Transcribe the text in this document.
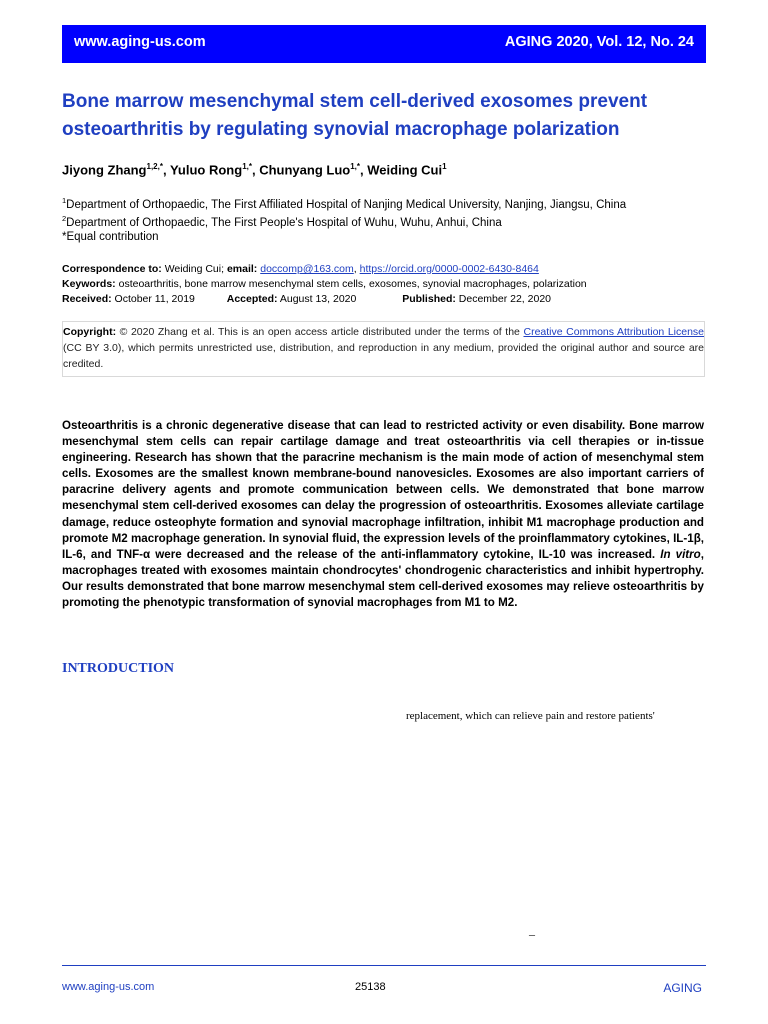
www.aging-us.com	AGING 2020, Vol. 12, No. 24
Bone marrow mesenchymal stem cell-derived exosomes prevent osteoarthritis by regulating synovial macrophage polarization
Jiyong Zhang$^{1,2,*}$, Yuluo Rong$^{1,*}$, Chunyang Luo$^{1,*}$, Weiding Cui$^1$
$^1$Department of Orthopaedic, The First Affiliated Hospital of Nanjing Medical University, Nanjing, Jiangsu, China
$^2$Department of Orthopaedic, The First People's Hospital of Wuhu, Wuhu, Anhui, China
*Equal contribution
Correspondence to: Weiding Cui; email: doccomp@163.com, https://orcid.org/0000-0002-6430-8464
Keywords: osteoarthritis, bone marrow mesenchymal stem cells, exosomes, synovial macrophages, polarization
Received: October 11, 2019	Accepted: August 13, 2020	Published: December 22, 2020
Copyright: © 2020 Zhang et al. This is an open access article distributed under the terms of the Creative Commons Attribution License (CC BY 3.0), which permits unrestricted use, distribution, and reproduction in any medium, provided the original author and source are credited.
Osteoarthritis is a chronic degenerative disease that can lead to restricted activity or even disability. Bone marrow mesenchymal stem cells can repair cartilage damage and treat osteoarthritis via cell therapies or in-tissue engineering. Research has shown that the paracrine mechanism is the main mode of action of mesenchymal stem cells. Exosomes are the smallest known membrane-bound nanovesicles. Exosomes are also important carriers of paracrine delivery agents and promote communication between cells. We demonstrated that bone marrow mesenchymal stem cell-derived exosomes can delay the progression of osteoarthritis. Exosomes alleviate cartilage damage, reduce osteophyte formation and synovial macrophage infiltration, inhibit M1 macrophage production and promote M2 macrophage generation. In synovial fluid, the expression levels of the proinflammatory cytokines, IL-1β, IL-6, and TNF-α were decreased and the release of the anti-inflammatory cytokine, IL-10 was increased. In vitro, macrophages treated with exosomes maintain chondrocytes' chondrogenic characteristics and inhibit hypertrophy. Our results demonstrated that bone marrow mesenchymal stem cell-derived exosomes may relieve osteoarthritis by promoting the phenotypic transformation of synovial macrophages from M1 to M2.
INTRODUCTION
replacement, which can relieve pain and restore patients'
–
www.aging-us.com	25138	AGING
